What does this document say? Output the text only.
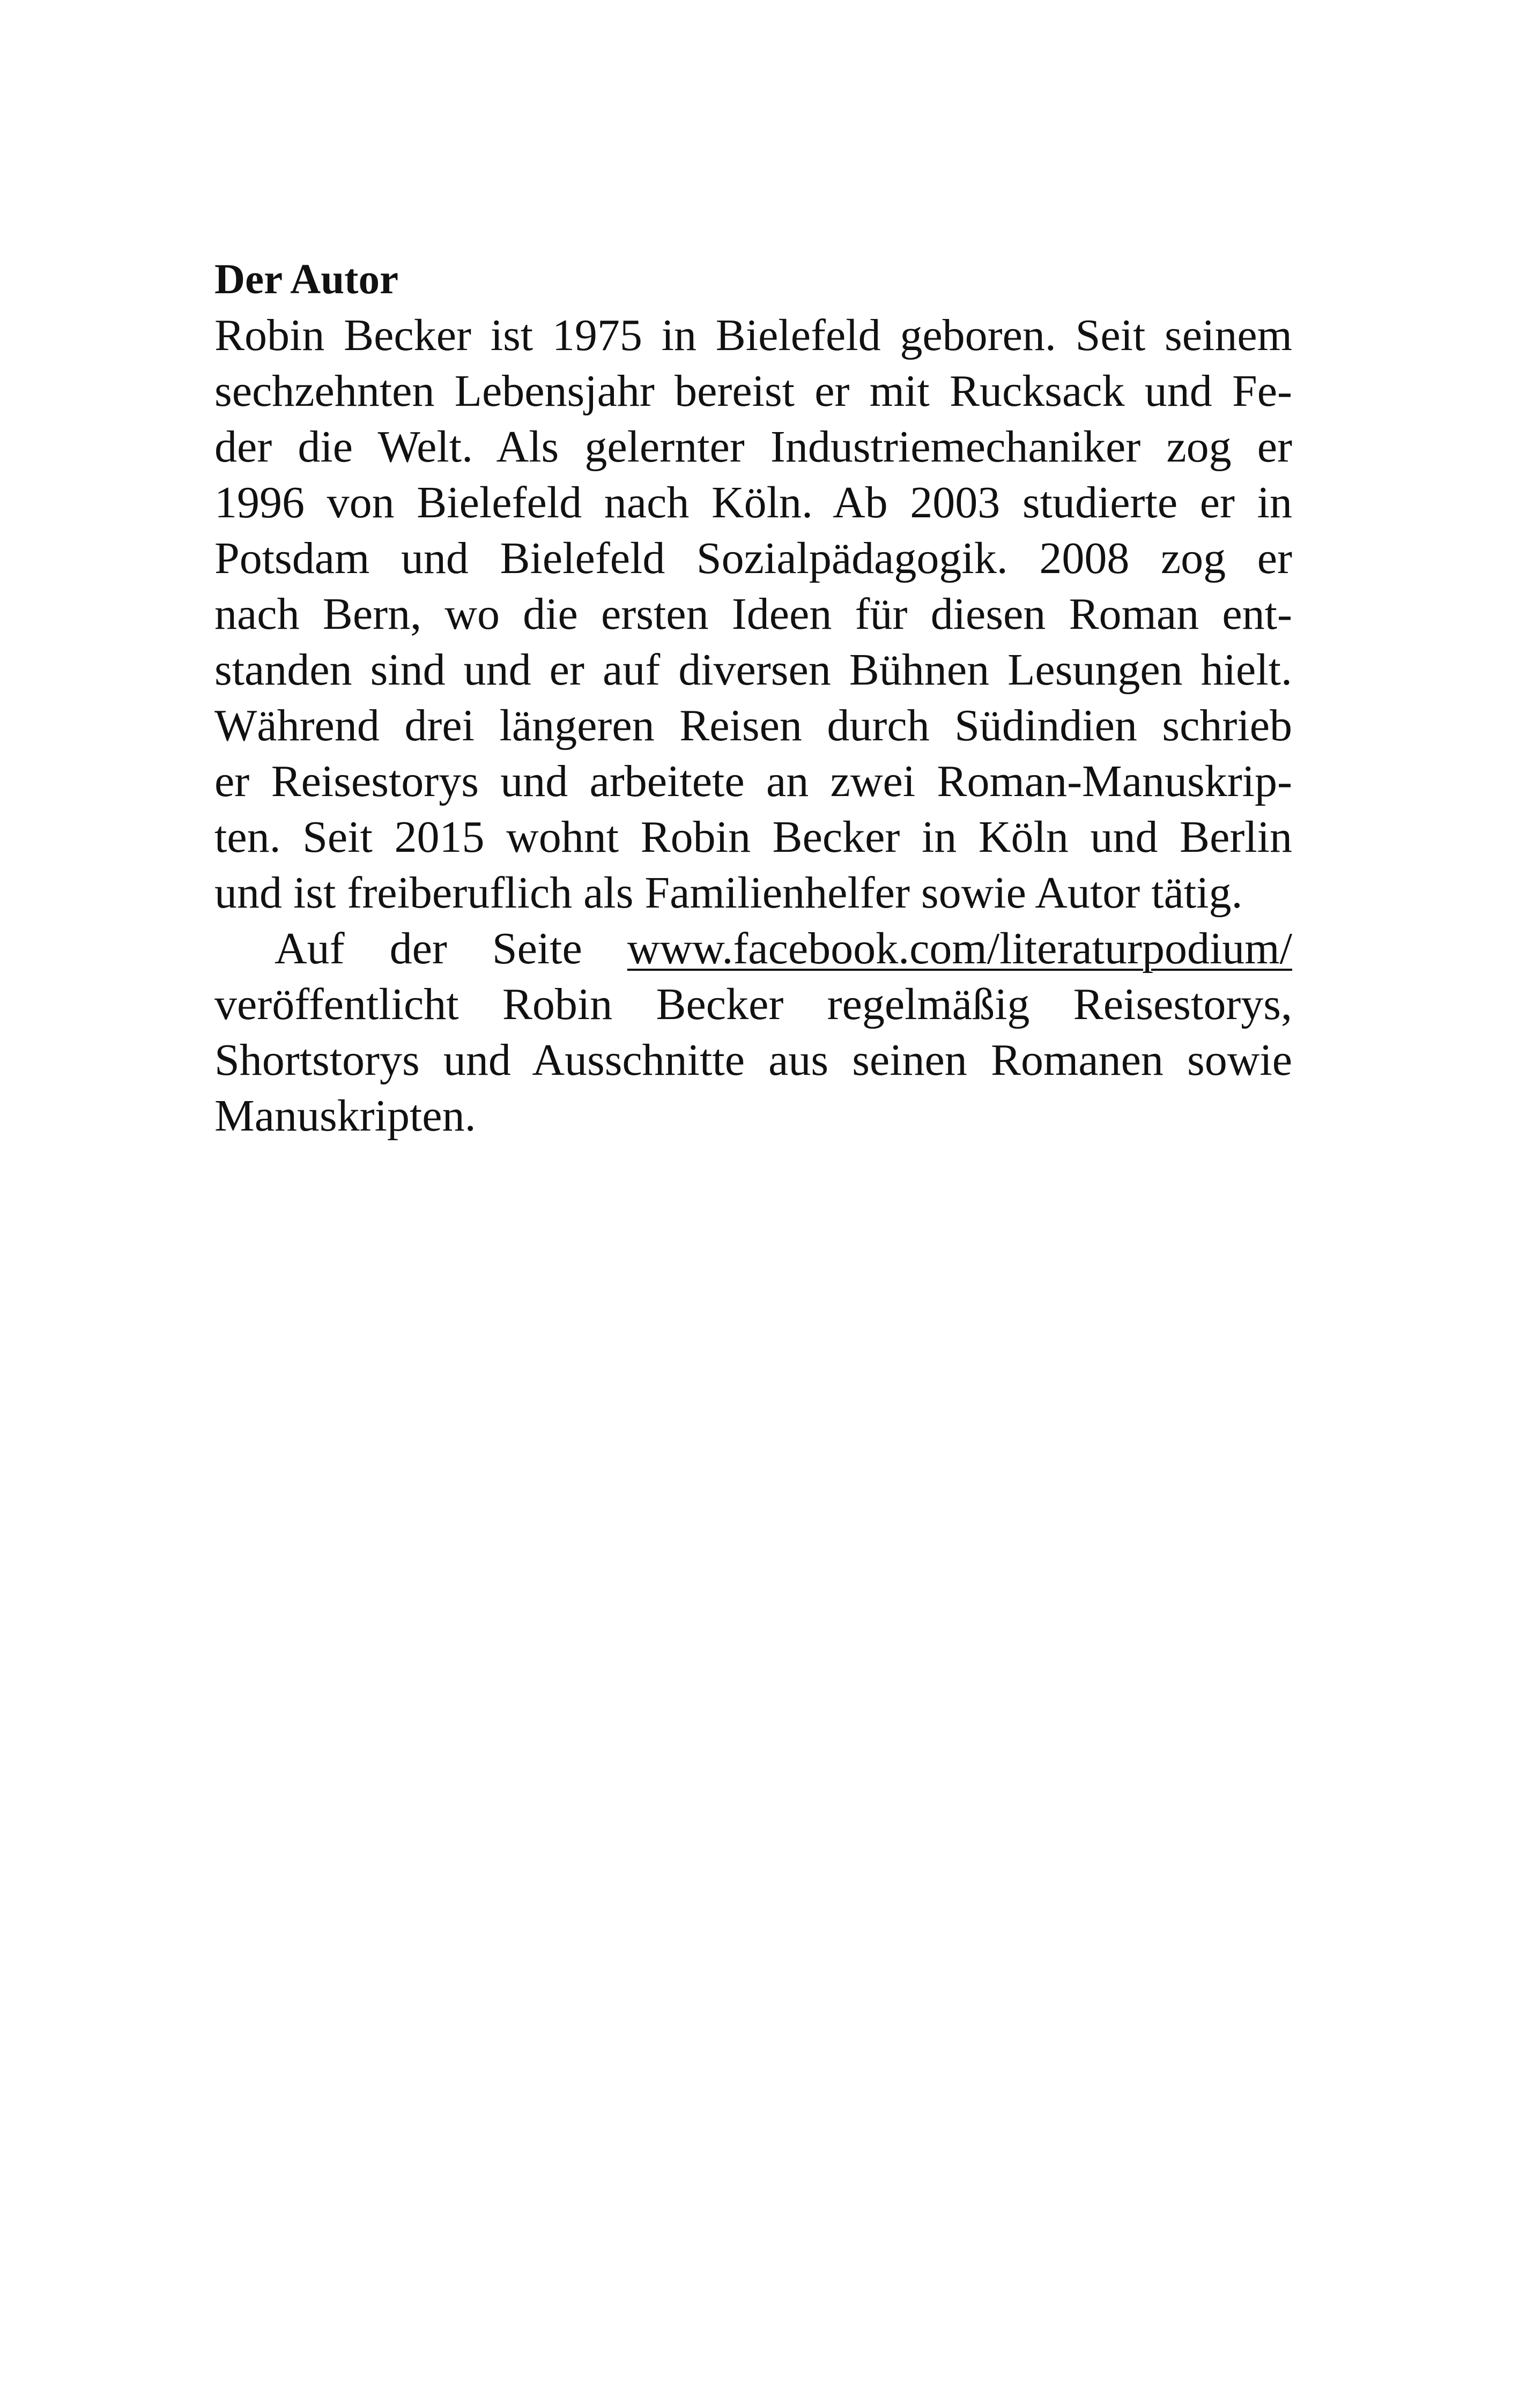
Der Autor
Robin Becker ist 1975 in Bielefeld geboren. Seit seinem
sechzehnten Lebensjahr bereist er mit Rucksack und Fe-
der die Welt. Als gelernter Industriemechaniker zog er
1996 von Bielefeld nach Köln. Ab 2003 studierte er in
Potsdam und Bielefeld Sozialpädagogik. 2008 zog er
nach Bern, wo die ersten Ideen für diesen Roman ent-
standen sind und er auf diversen Bühnen Lesungen hielt.
Während drei längeren Reisen durch Südindien schrieb
er Reisestorys und arbeitete an zwei Roman-Manuskrip-
ten. Seit 2015 wohnt Robin Becker in Köln und Berlin
und ist freiberuflich als Familienhelfer sowie Autor tätig.
Auf der Seite www.facebook.com/literaturpodium/
veröffentlicht Robin Becker regelmäßig Reisestorys,
Shortstorys und Ausschnitte aus seinen Romanen sowie
Manuskripten.
